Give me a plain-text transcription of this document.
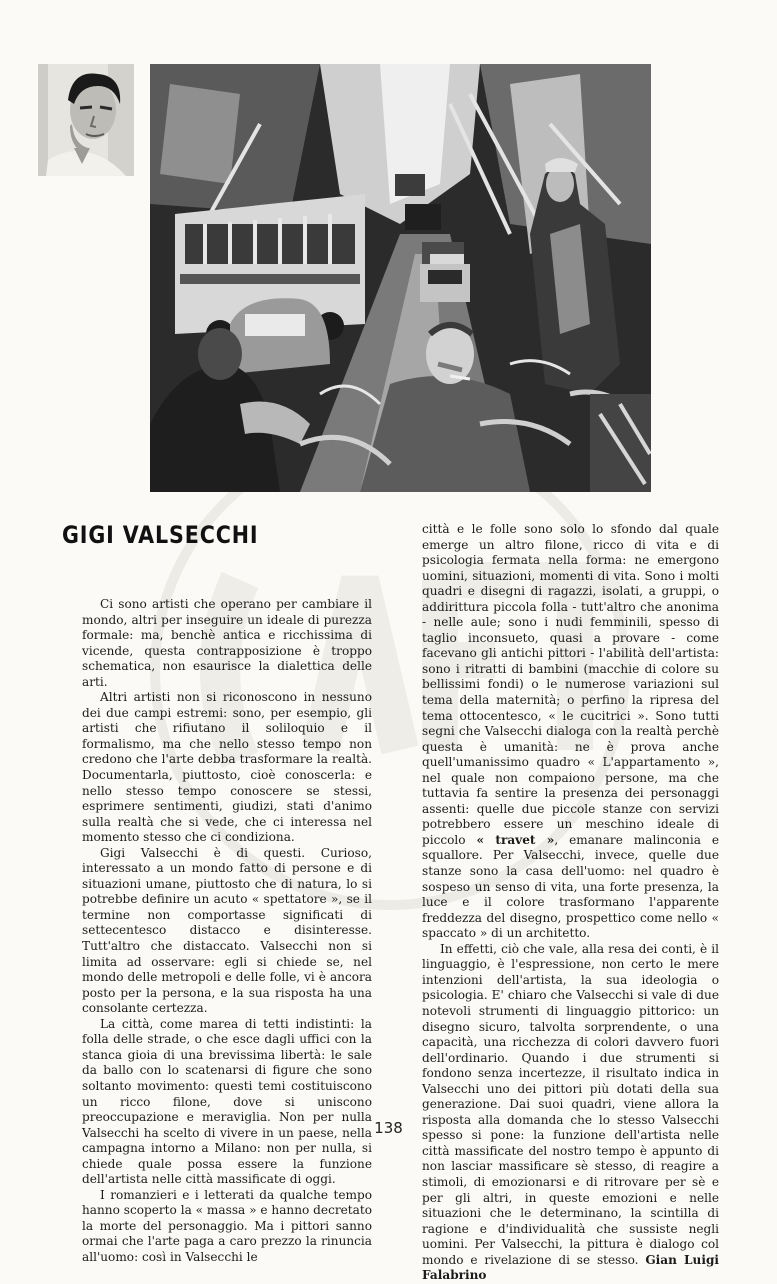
GIGI VALSECCHI

Ci sono artisti che operano per cambiare il mondo, altri per inseguire un ideale di purezza formale: ma, benchè antica e ricchissima di vicende, questa contrapposizione è troppo schematica, non esaurisce la dialettica delle arti.

Altri artisti non si riconoscono in nessuno dei due campi estremi: sono, per esempio, gli artisti che rifiutano il soliloquio e il formalismo, ma che nello stesso tempo non credono che l'arte debba trasformare la realtà. Documentarla, piuttosto, cioè conoscerla: e nello stesso tempo conoscere se stessi, esprimere sentimenti, giudizi, stati d'animo sulla realtà che si vede, che ci interessa nel momento stesso che ci condiziona.

Gigi Valsecchi è di questi. Curioso, interessato a un mondo fatto di persone e di situazioni umane, piuttosto che di natura, lo si potrebbe definire un acuto « spettatore », se il termine non comportasse significati di settecentesco distacco e disinteresse. Tutt'altro che distaccato. Valsecchi non si limita ad osservare: egli si chiede se, nel mondo delle metropoli e delle folle, vi è ancora posto per la persona, e la sua risposta ha una consolante certezza.

La città, come marea di tetti indistinti: la folla delle strade, o che esce dagli uffici con la stanca gioia di una brevissima libertà: le sale da ballo con lo scatenarsi di figure che sono soltanto movimento: questi temi costituiscono un ricco filone, dove si uniscono preoccupazione e meraviglia. Non per nulla Valsecchi ha scelto di vivere in un paese, nella campagna intorno a Milano: non per nulla, si chiede quale possa essere la funzione dell'artista nelle città massificate di oggi.

I romanzieri e i letterati da qualche tempo hanno scoperto la « massa » e hanno decretato la morte del personaggio. Ma i pittori sanno ormai che l'arte paga a caro prezzo la rinuncia all'uomo: così in Valsecchi le

città e le folle sono solo lo sfondo dal quale emerge un altro filone, ricco di vita e di psicologia fermata nella forma: ne emergono uomini, situazioni, momenti di vita. Sono i molti quadri e disegni di ragazzi, isolati, a gruppi, o addirittura piccola folla - tutt'altro che anonima - nelle aule; sono i nudi femminili, spesso di taglio inconsueto, quasi a provare - come facevano gli antichi pittori - l'abilità dell'artista: sono i ritratti di bambini (macchie di colore su bellissimi fondi) o le numerose variazioni sul tema della maternità; o perfino la ripresa del tema ottocentesco, « le cucitrici ». Sono tutti segni che Valsecchi dialoga con la realtà perchè questa è umanità: ne è prova anche quell'umanissimo quadro « L'appartamento », nel quale non compaiono persone, ma che tuttavia fa sentire la presenza dei personaggi assenti: quelle due piccole stanze con servizi potrebbero essere un meschino ideale di piccolo « travet », emanare malinconia e squallore. Per Valsecchi, invece, quelle due stanze sono la casa dell'uomo: nel quadro è sospeso un senso di vita, una forte presenza, la luce e il colore trasformano l'apparente freddezza del disegno, prospettico come nello « spaccato » di un architetto.

In effetti, ciò che vale, alla resa dei conti, è il linguaggio, è l'espressione, non certo le mere intenzioni dell'artista, la sua ideologia o psicologia. E' chiaro che Valsecchi si vale di due notevoli strumenti di linguaggio pittorico: un disegno sicuro, talvolta sorprendente, o una capacità, una ricchezza di colori davvero fuori dell'ordinario. Quando i due strumenti si fondono senza incertezze, il risultato indica in Valsecchi uno dei pittori più dotati della sua generazione. Dai suoi quadri, viene allora la risposta alla domanda che lo stesso Valsecchi spesso si pone: la funzione dell'artista nelle città massificate del nostro tempo è appunto di non lasciar massificare sè stesso, di reagire a stimoli, di emozionarsi e di ritrovare per sè e per gli altri, in queste emozioni e nelle situazioni che le determinano, la scintilla di ragione e d'individualità che sussiste negli uomini. Per Valsecchi, la pittura è dialogo col mondo e rivelazione di se stesso. Gian Luigi Falabrino

138
